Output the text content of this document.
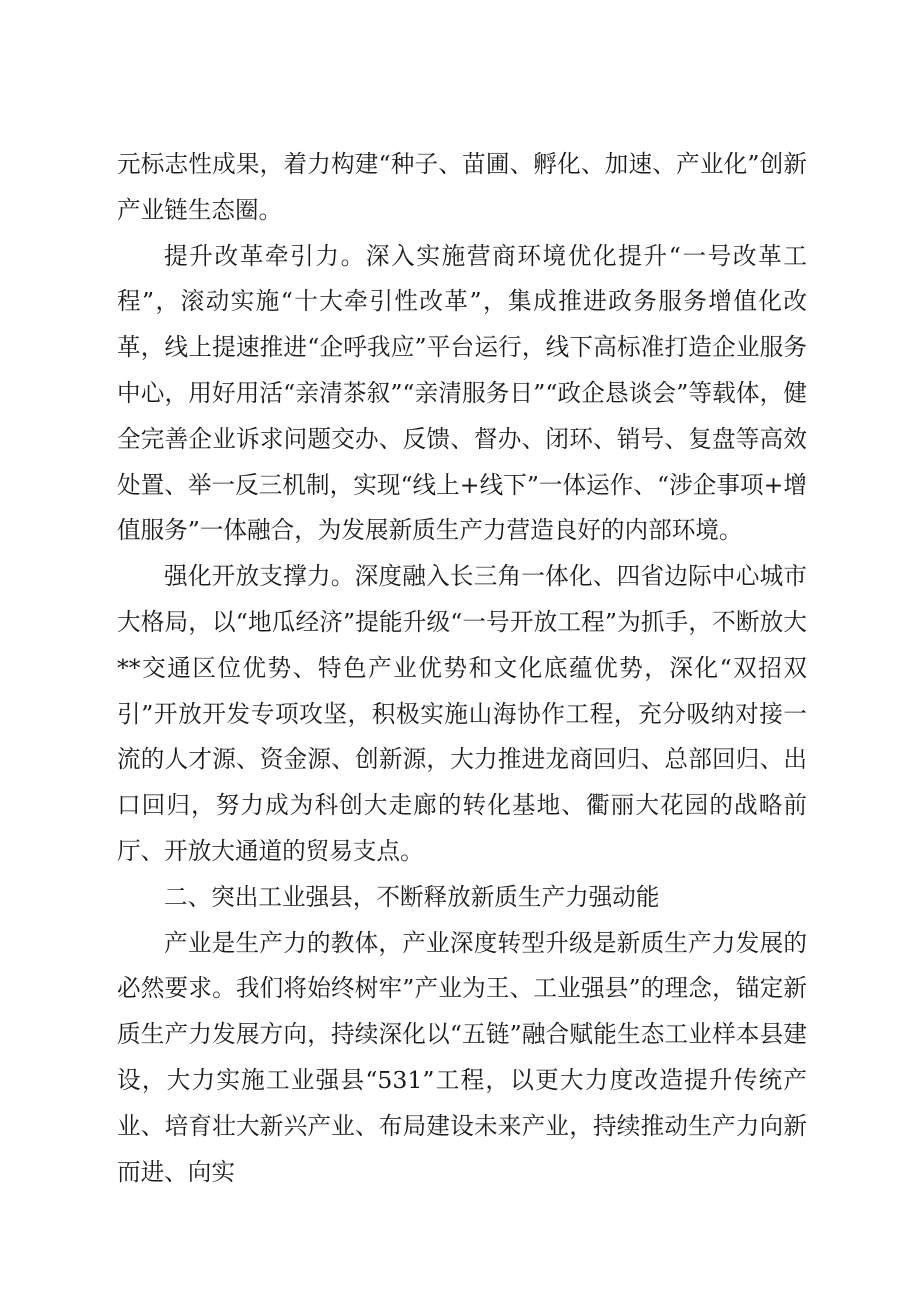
元标志性成果，着力构建“种子、苗圃、孵化、加速、产业化”创新产业链生态圈。

提升改革牵引力。深入实施营商环境优化提升“一号改革工程”，滚动实施“十大牵引性改革”，集成推进政务服务增值化改革，线上提速推进“企呼我应”平台运行，线下高标准打造企业服务中心，用好用活“亲清茶叙”“亲清服务日”“政企恳谈会”等载体，健全完善企业诉求问题交办、反馈、督办、闭环、销号、复盘等高效处置、举一反三机制，实现“线上+线下”一体运作、“涉企事项+增值服务”一体融合，为发展新质生产力营造良好的内部环境。

强化开放支撑力。深度融入长三角一体化、四省边际中心城市大格局，以“地瓜经济”提能升级“一号开放工程”为抓手，不断放大**交通区位优势、特色产业优势和文化底蕴优势，深化“双招双引”开放开发专项攻坚，积极实施山海协作工程，充分吸纳对接一流的人才源、资金源、创新源，大力推进龙商回归、总部回归、出口回归，努力成为科创大走廊的转化基地、衢丽大花园的战略前厅、开放大通道的贸易支点。

二、突出工业强县，不断释放新质生产力强动能

产业是生产力的教体，产业深度转型升级是新质生产力发展的必然要求。我们将始终树牢”产业为王、工业强县”的理念，锚定新质生产力发展方向，持续深化以“五链”融合赋能生态工业样本县建设，大力实施工业强县“531”工程，以更大力度改造提升传统产业、培育壮大新兴产业、布局建设未来产业，持续推动生产力向新而进、向实
